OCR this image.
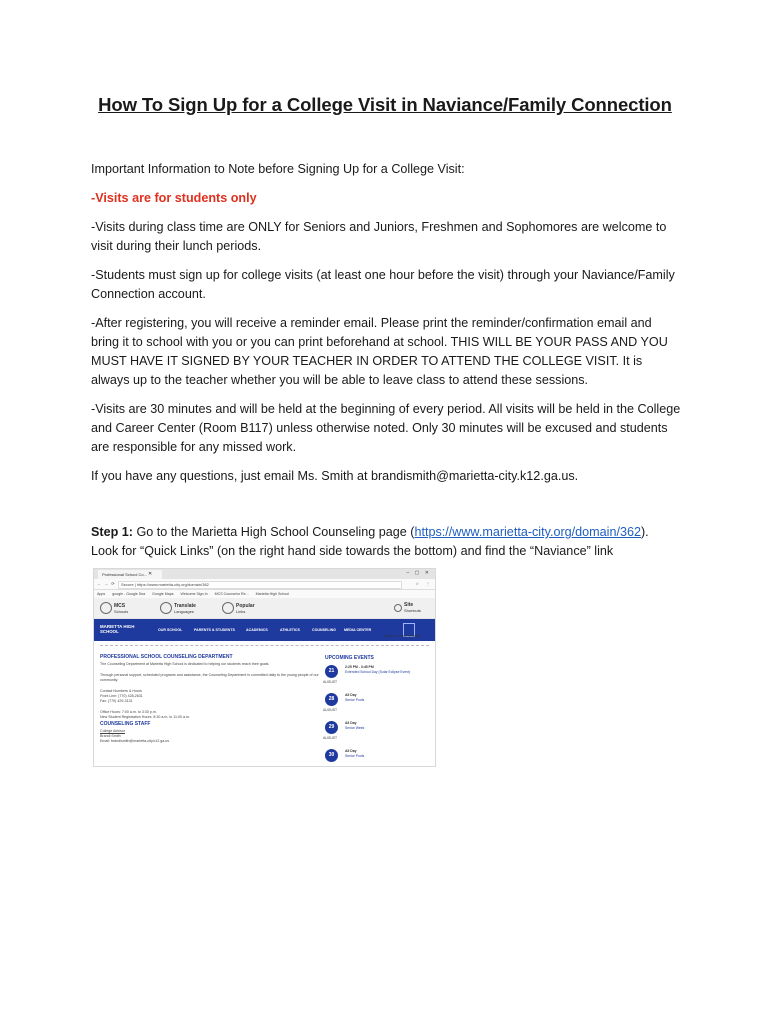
How To Sign Up for a College Visit in Naviance/Family Connection

Important Information to Note before Signing Up for a College Visit:

-Visits are for students only

-Visits during class time are ONLY for Seniors and Juniors, Freshmen and Sophomores are welcome to visit during their lunch periods.

-Students must sign up for college visits (at least one hour before the visit) through your Naviance/Family Connection account.

-After registering, you will receive a reminder email. Please print the reminder/confirmation email and bring it to school with you or you can print beforehand at school. THIS WILL BE YOUR PASS AND YOU MUST HAVE IT SIGNED BY YOUR TEACHER IN ORDER TO ATTEND THE COLLEGE VISIT. It is always up to the teacher whether you will be able to leave class to attend these sessions.

-Visits are 30 minutes and will be held at the beginning of every period. All visits will be held in the College and Career Center (Room B117) unless otherwise noted. Only 30 minutes will be excused and students are responsible for any missed work.

If you have any questions, just email Ms. Smith at brandismith@marietta-city.k12.ga.us.

Step 1: Go to the Marietta High School Counseling page (https://www.marietta-city.org/domain/362).
Look for “Quick Links” (on the right hand side towards the bottom) and find the “Naviance” link
Professional School Co... ✕	– ▢ ✕
← → ⟳	Secure | https://www.marietta-city.org/domain/362	☆ ⋮
Apps google - Google Sea Google Maps Welcome Sign In MCS Counselor Re... Marietta High School
MCS
Schools
Translate
Languages
Popular
Links
Site
Shortcuts
MARIETTA HIGH SCHOOL	OUR SCHOOL	PARENTS & STUDENTS	ACADEMICS	ATHLETICS	COUNSELING MEDIA CENTER
Home / Counseling /
PROFESSIONAL SCHOOL COUNSELING DEPARTMENT
The Counseling Department at Marietta High School is dedicated to helping our students reach their goals.
Through personal support, scheduled programs and assistance, the Counseling Department is committed daily to the young people of our community.
Contact Numbers & Hours
Front Line: (770) 428-2631
Fax: (770) 429-3131
Office Hours: 7:00 a.m. to 3:30 p.m.
New Student Registration Hours: 8:30 a.m. to 11:00 a.m.
COUNSELING STAFF
College Advisor
Brandi Smith
Email: brandismith@marietta-city.k12.ga.us
UPCOMING EVENTS
21
AUGUST
2:25 PM - 3:45 PM
Extended School Day (Solar Eclipse Event)
28
AUGUST
All Day
Senior Pools
29
AUGUST
All Day
Senior Week
30
All Day
Senior Pools
